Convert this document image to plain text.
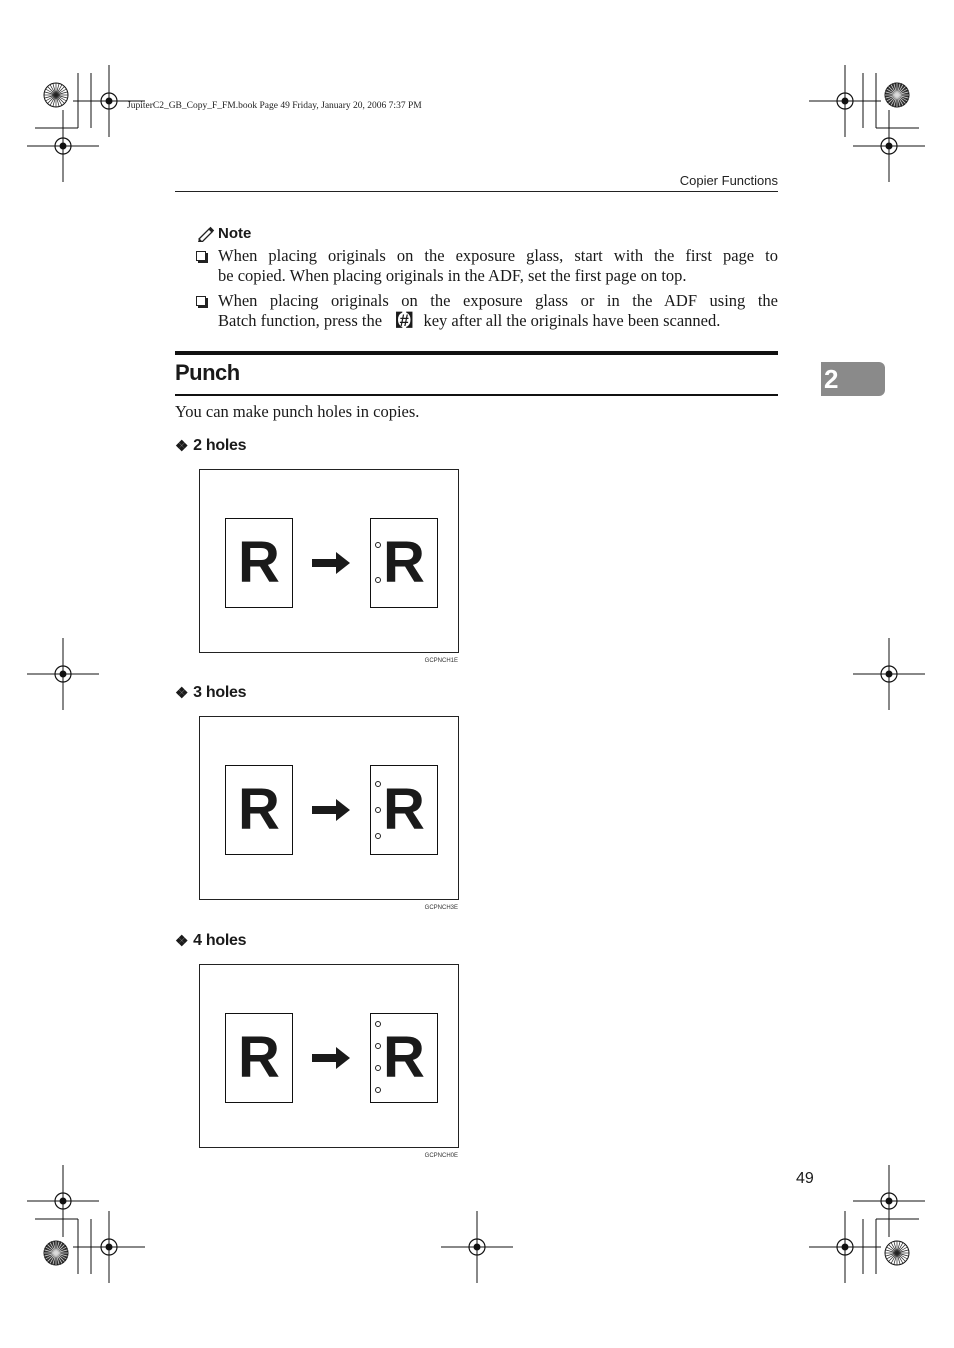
JupiterC2_GB_Copy_F_FM.book Page 49 Friday, January 20, 2006 7:37 PM
Copier Functions
Note
When placing originals on the exposure glass, start with the first page to
be copied. When placing originals in the ADF, set the first page on top.
When placing originals on the exposure glass or in the ADF using the
Batch function, press the 【#】 key after all the originals have been scanned.
Punch	2
You can make punch holes in copies.
❖ 2 holes
R R
GCPNCH1E
❖ 3 holes
R R
GCPNCH3E
❖ 4 holes
R R
GCPNCH0E
49
